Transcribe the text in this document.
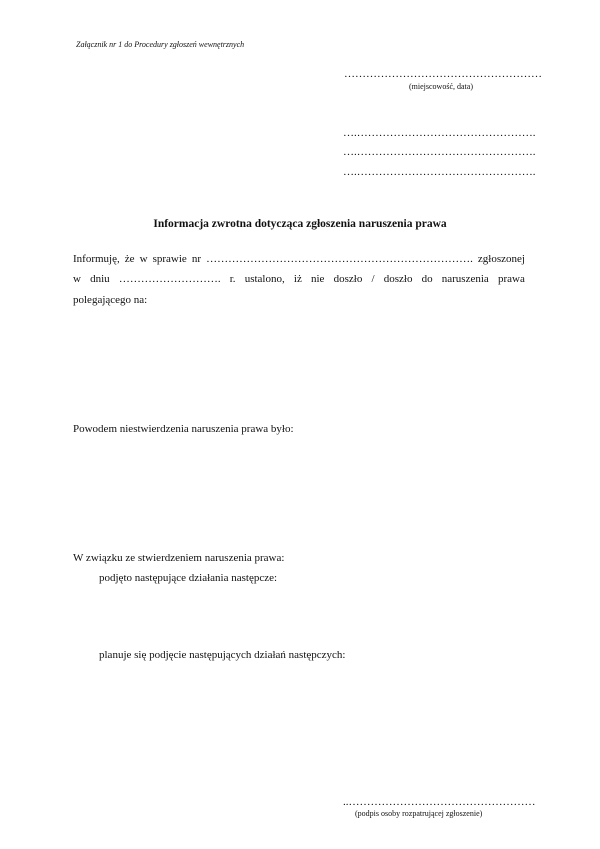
Załącznik nr 1 do Procedury zgłoszeń wewnętrznych
………………………………………………
(miejscowość, data)
….………………………………………….
….………………………………………….
….………………………………………….
Informacja zwrotna dotycząca zgłoszenia naruszenia prawa
Informuję, że w sprawie nr ………………………………………………………………. zgłoszonej
w dniu ………………………. r. ustalono, iż nie doszło / doszło do naruszenia prawa
polegającego na:
Powodem niestwierdzenia naruszenia prawa było:
W związku ze stwierdzeniem naruszenia prawa:
podjęto następujące działania następcze:
planuje się podjęcie następujących działań następczych:
..……………………………………………
(podpis osoby rozpatrującej zgłoszenie)
